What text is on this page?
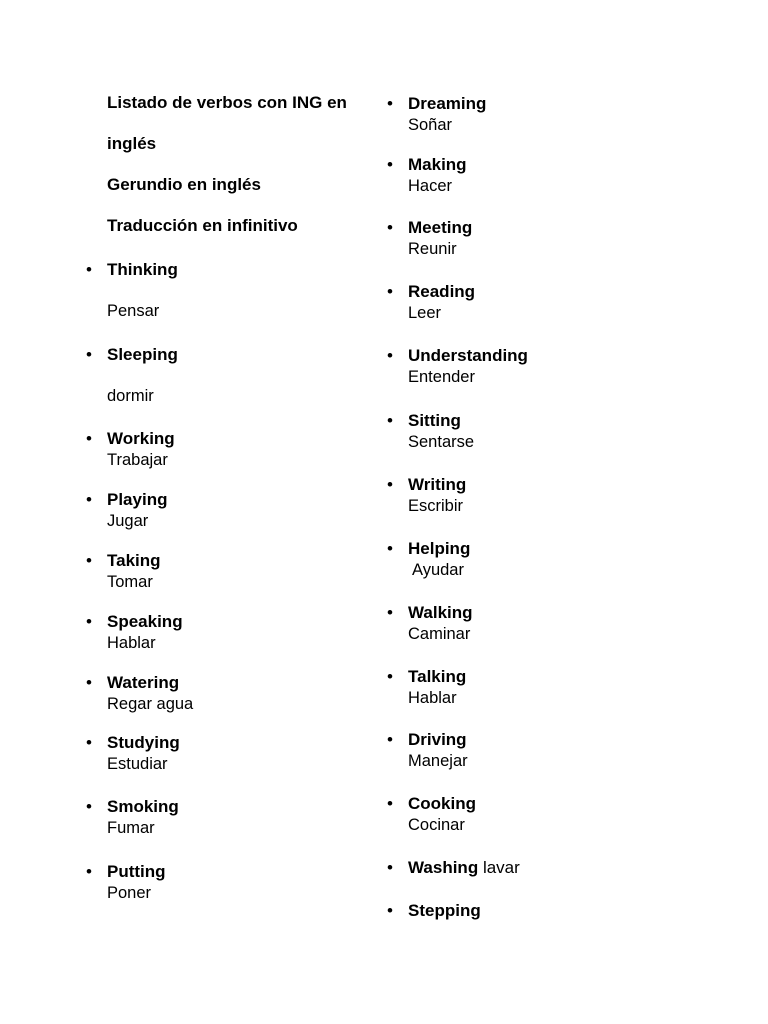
Listado de verbos con ING en
inglés
Gerundio en inglés
Traducción en infinitivo
• Thinking
Pensar
• Sleeping
dormir
• Working
Trabajar
• Playing
Jugar
• Taking
Tomar
• Speaking
Hablar
• Watering
Regar agua
• Studying
Estudiar
• Smoking
Fumar
• Putting
Poner
• Dreaming
Soñar
• Making
Hacer
• Meeting
Reunir
• Reading
Leer
• Understanding
Entender
• Sitting
Sentarse
• Writing
Escribir
• Helping
Ayudar
• Walking
Caminar
• Talking
Hablar
• Driving
Manejar
• Cooking
Cocinar
• Washing lavar
• Stepping
